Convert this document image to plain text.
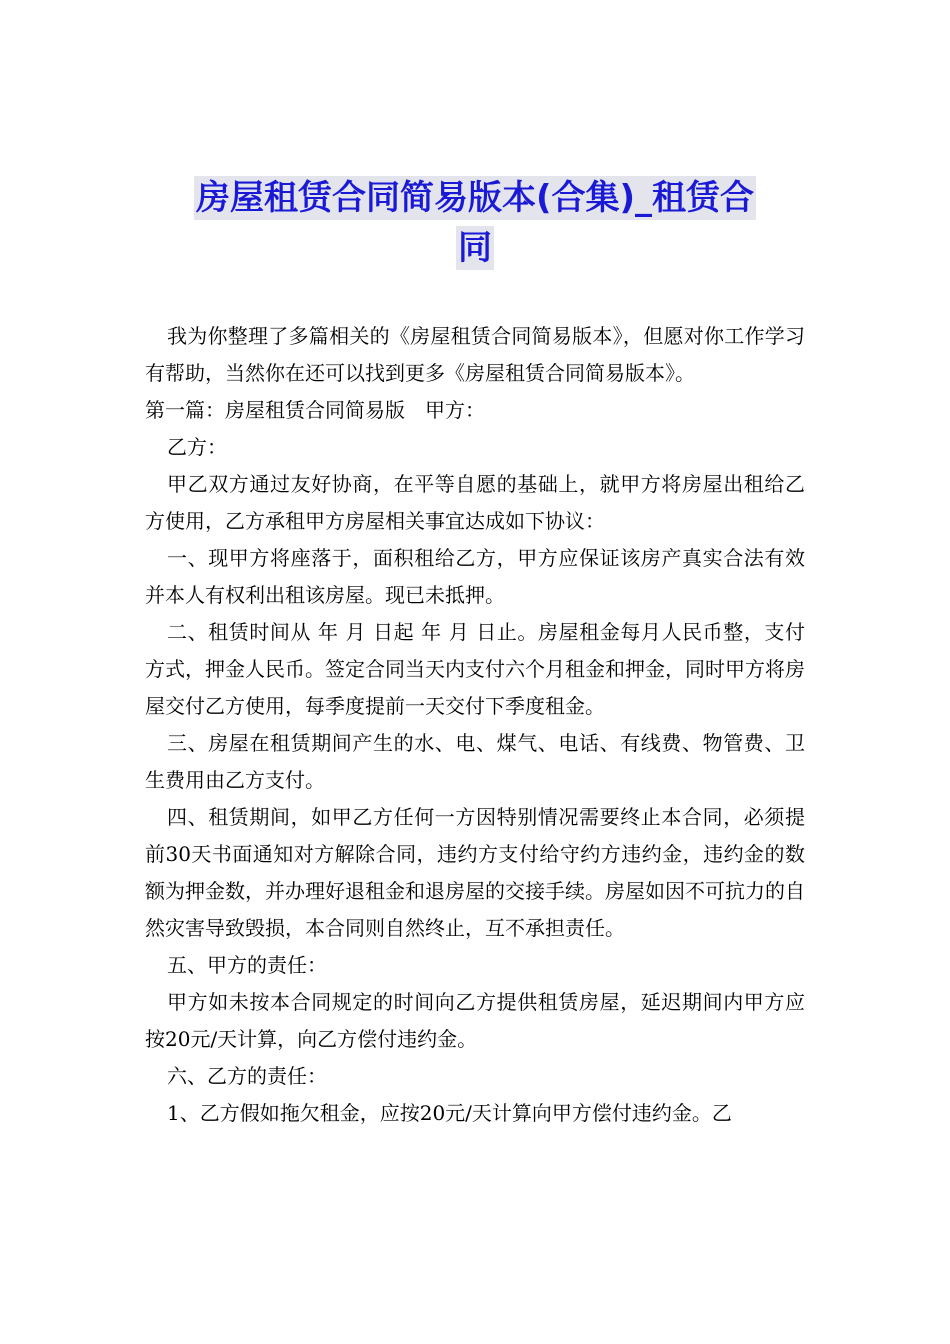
房屋租赁合同简易版本(合集)_租赁合
同

我为你整理了多篇相关的《房屋租赁合同简易版本》，但愿对你工作学习有帮助，当然你在还可以找到更多《房屋租赁合同简易版本》。

第一篇：房屋租赁合同简易版　甲方：

乙方：

甲乙双方通过友好协商，在平等自愿的基础上，就甲方将房屋出租给乙方使用，乙方承租甲方房屋相关事宜达成如下协议：

一、现甲方将座落于，面积租给乙方，甲方应保证该房产真实合法有效并本人有权利出租该房屋。现已未抵押。

二、租赁时间从 年 月 日起 年 月 日止。房屋租金每月人民币整，支付方式，押金人民币。签定合同当天内支付六个月租金和押金，同时甲方将房屋交付乙方使用，每季度提前一天交付下季度租金。

三、房屋在租赁期间产生的水、电、煤气、电话、有线费、物管费、卫生费用由乙方支付。

四、租赁期间，如甲乙方任何一方因特别情况需要终止本合同，必须提前30天书面通知对方解除合同，违约方支付给守约方违约金，违约金的数额为押金数，并办理好退租金和退房屋的交接手续。房屋如因不可抗力的自然灾害导致毁损，本合同则自然终止，互不承担责任。

五、甲方的责任：

甲方如未按本合同规定的时间向乙方提供租赁房屋，延迟期间内甲方应按20元/天计算，向乙方偿付违约金。

六、乙方的责任：

1、乙方假如拖欠租金，应按20元/天计算向甲方偿付违约金。乙
